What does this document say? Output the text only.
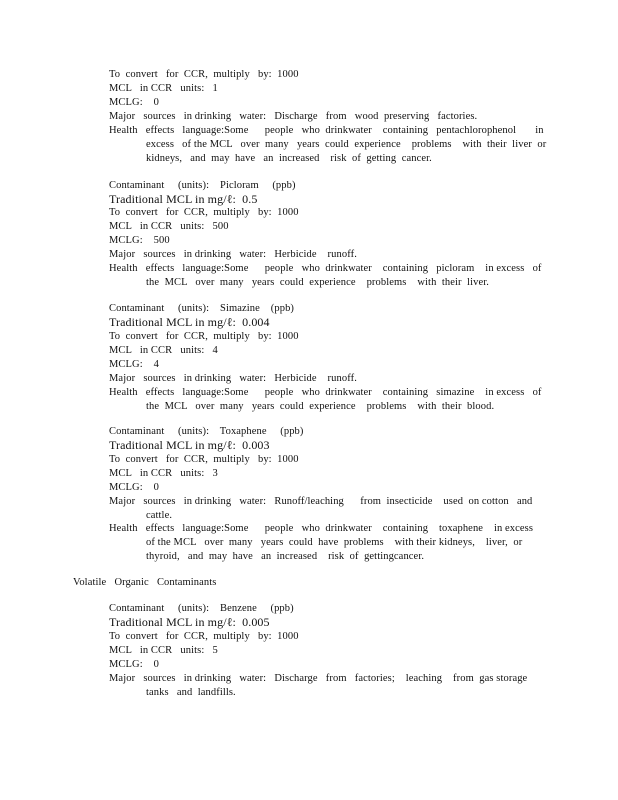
To  convert   for  CCR,  multiply   by:  1000
MCL   in CCR   units:   1
MCLG:    0
Major   sources   in drinking   water:   Discharge   from   wood  preserving   factories.
Health   effects   language:Some      people   who  drinkwater    containing   pentachlorophenol       in
excess   of the MCL   over  many   years  could  experience    problems    with  their  liver  or
kidneys,   and  may  have   an  increased    risk  of  getting  cancer.
Contaminant     (units):    Picloram     (ppb)
Traditional MCL in mg/ℓ:  0.5
To  convert   for  CCR,  multiply   by:  1000
MCL   in CCR   units:   500
MCLG:    500
Major   sources   in drinking   water:   Herbicide    runoff.
Health   effects   language:Some      people   who  drinkwater    containing   picloram    in excess   of
the  MCL   over  many   years  could  experience    problems    with  their  liver.
Contaminant     (units):    Simazine    (ppb)
Traditional MCL in mg/ℓ:  0.004
To  convert   for  CCR,  multiply   by:  1000
MCL   in CCR   units:   4
MCLG:    4
Major   sources   in drinking   water:   Herbicide    runoff.
Health   effects   language:Some      people   who  drinkwater    containing   simazine    in excess   of
the  MCL   over  many   years  could  experience    problems    with  their  blood.
Contaminant     (units):    Toxaphene     (ppb)
Traditional MCL in mg/ℓ:  0.003
To  convert   for  CCR,  multiply   by:  1000
MCL   in CCR   units:   3
MCLG:    0
Major   sources   in drinking   water:   Runoff/leaching      from  insecticide    used  on cotton   and
cattle.
Health   effects   language:Some      people   who  drinkwater    containing    toxaphene    in excess
of the MCL   over  many   years  could  have  problems    with their kidneys,    liver,  or
thyroid,   and  may  have   an  increased    risk  of  gettingcancer.
Volatile   Organic   Contaminants
Contaminant     (units):    Benzene     (ppb)
Traditional MCL in mg/ℓ:  0.005
To  convert   for  CCR,  multiply   by:  1000
MCL   in CCR   units:   5
MCLG:    0
Major   sources   in drinking   water:   Discharge   from   factories;    leaching    from  gas storage
tanks   and  landfills.
